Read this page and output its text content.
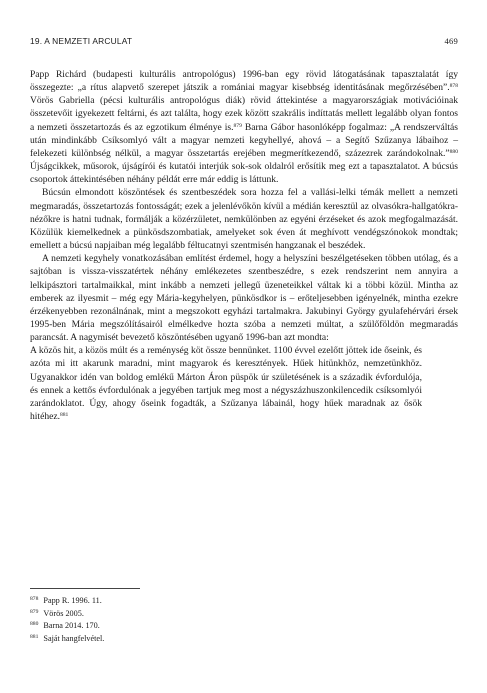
19. A NEMZETI ARCULAT	469

Papp Richárd (budapesti kulturális antropológus) 1996-ban egy rövid látogatásának tapasztalatát így összegezte: „a rítus alapvető szerepet játszik a romániai magyar kisebbség identitásának megőrzésében”.$^{878}$ Vörös Gabriella (pécsi kulturális antropológus diák) rövid áttekintése a magyarországiak motivációinak összetevőit igyekezett feltárni, és azt találta, hogy ezek között szakrális indíttatás mellett legalább olyan fontos a nemzeti összetartozás és az egzotikum élménye is.$^{879}$ Barna Gábor hasonlóképp fogalmaz: „A rendszerváltás után mindinkább Csíksomlyó vált a magyar nemzeti kegyhellyé, ahová – a Segítő Szűzanya lábaihoz – felekezeti különbség nélkül, a magyar összetartás erejében megmerítkezendő, százezrek zarándokolnak.”$^{880}$ Újságcikkek, műsorok, újságírói és kutatói interjúk sok-sok oldalról erősítik meg ezt a tapasztalatot. A búcsús csoportok áttekintésében néhány példát erre már eddig is láttunk.

Búcsún elmondott köszöntések és szentbeszédek sora hozza fel a vallási-lelki témák mellett a nemzeti megmaradás, összetartozás fontosságát; ezek a jelenlévőkön kívül a médián keresztül az olvasókra-hallgatókra-nézőkre is hatni tudnak, formálják a közérzületet, nemkülönben az egyéni érzéseket és azok megfogalmazását. Közülük kiemelkednek a pünkösdszombatiak, amelyeket sok éven át meghívott vendégszónokok mondtak; emellett a búcsú napjaiban még legalább féltucatnyi szentmisén hangzanak el beszédek.

A nemzeti kegyhely vonatkozásában említést érdemel, hogy a helyszíni beszélgetéseken többen utólag, és a sajtóban is vissza-visszatértek néhány emlékezetes szentbeszédre, s ezek rendszerint nem annyira a lelkipásztori tartalmaikkal, mint inkább a nemzeti jellegű üzeneteikkel váltak ki a többi közül. Mintha az emberek az ilyesmit – még egy Mária-kegyhelyen, pünkösdkor is – erőteljesebben igényelnék, mintha ezekre érzékenyebben rezonálnának, mint a megszokott egyházi tartalmakra. Jakubinyi György gyulafehérvári érsek 1995-ben Mária megszólításairól elmélkedve hozta szóba a nemzeti múltat, a szülőföldön megmaradás parancsát. A nagymisét bevezető köszöntésében ugyanő 1996-ban azt mondta:

A közös hit, a közös múlt és a reménység köt össze bennünket. 1100 évvel ezelőtt jöttek ide őseink, és azóta mi itt akarunk maradni, mint magyarok és keresztények. Hűek hitünkhöz, nemzetünkhöz. Ugyanakkor idén van boldog emlékű Márton Áron püspök úr születésének is a századik évfordulója, és ennek a kettős évfordulónak a jegyében tartjuk meg most a négyszázhuszonkilencedik csíksomlyói zarándoklatot. Úgy, ahogy őseink fogadták, a Szűzanya lábainál, hogy hűek maradnak az ősök hitéhez.$^{881}$

$^{878}$ Papp R. 1996. 11.
$^{879}$ Vörös 2005.
$^{880}$ Barna 2014. 170.
$^{881}$ Saját hangfelvétel.
